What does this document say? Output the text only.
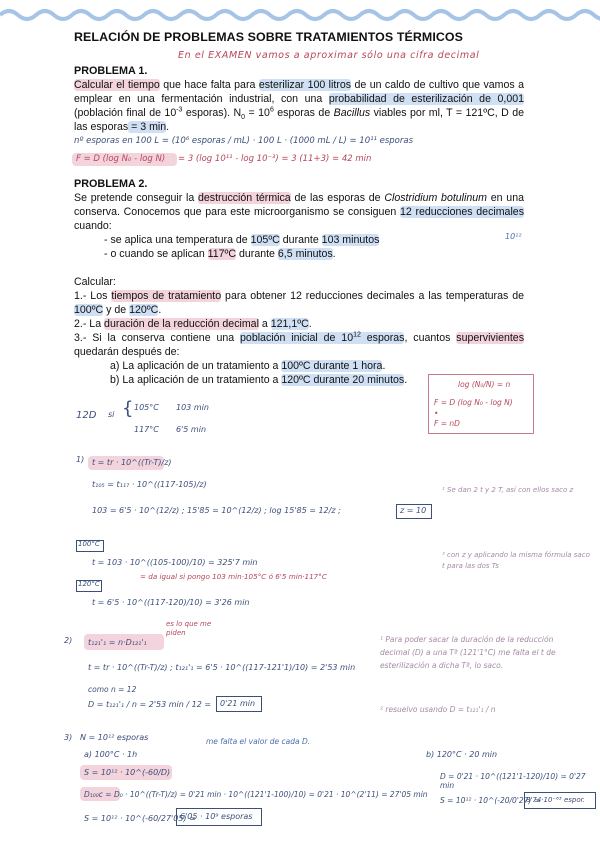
RELACIÓN DE PROBLEMAS SOBRE TRATAMIENTOS TÉRMICOS
En el EXAMEN vamos a aproximar sólo una cifra decimal
PROBLEMA 1.
Calcular el tiempo que hace falta para esterilizar 100 litros de un caldo de cultivo que vamos a emplear en una fermentación industrial, con una probabilidad de esterilización de 0,001 (población final de $10^{-3}$ esporas). $N_0 = 10^6$ esporas de Bacillus viables por ml, T = 121ºC, D de las esporas = 3 min.
nº esporas en 100 L = (10⁶ esporas / mL) · 100 L · (1000 mL / L) = 10¹¹ esporas
F = D (log N₀ - log N) = 3 (log 10¹¹ - log 10⁻³) = 3 (11+3) = 42 min
PROBLEMA 2.
Se pretende conseguir la destrucción térmica de las esporas de Clostridium botulinum en una conserva. Conocemos que para este microorganismo se consiguen 12 reducciones decimales cuando:
- se aplica una temperatura de 105ºC durante 103 minutos
- o cuando se aplican 117ºC durante 6,5 minutos.
Calcular:
1.- Los tiempos de tratamiento para obtener 12 reducciones decimales a las temperaturas de 100ºC y de 120ºC.
2.- La duración de la reducción decimal a 121,1ºC.
3.- Si la conserva contiene una población inicial de $10^{12}$ esporas, cuantos supervivientes quedarán después de:
a) La aplicación de un tratamiento a 100ºC durante 1 hora.
b) La aplicación de un tratamiento a 120ºC durante 20 minutos.
10¹²
log (N₀/N) = n
F = D (log N₀ - log N)
•
F = nD
12D si { 105°C 103 min
117°C 6'5 min
1) t = tr · 10^((Tr-T)/z)
t₁₀₅ = t₁₁₇ · 10^((117-105)/z)
103 = 6'5 · 10^(12/z) ; 15'85 = 10^(12/z) ; log 15'85 = 12/z ;	z = 10
¹ Se dan 2 t y 2 T, así con ellos saco z
100°C
t = 103 · 10^((105-100)/10) = 325'7 min
= da igual si pongo 103 min·105°C ó 6'5 min·117°C
120°C
t = 6'5 · 10^((117-120)/10) = 3'26 min
² con z y aplicando la misma fórmula saco t para las dos Ts
2) t₁₂₁'₁ = n·D₁₂₁'₁
es lo que me piden
t = tr · 10^((Tr-T)/z) ; t₁₂₁'₁ = 6'5 · 10^((117-121'1)/10) = 2'53 min
como n = 12
D = t₁₂₁'₁ / n = 2'53 min / 12 = 0'21 min
¹ Para poder sacar la duración de la reducción decimal (D) a una Tª (121'1°C) me falta el t de esterilización a dicha Tª, lo saco.
² resuelvo usando D = t₁₂₁'₁ / n
3) N = 10¹² esporas
a) 100°C · 1h
me falta el valor de cada D.
S = 10¹² · 10^(-60/D)
D₁₀₀c = D₀ · 10^((Tr-T)/z) = 0'21 min · 10^((121'1-100)/10) = 0'21 · 10^(2'11) = 27'05 min
S = 10¹² · 10^(-60/27'05) =
6'05 · 10⁹ esporas
b) 120°C · 20 min
D = 0'21 · 10^((121'1-120)/10) = 0'27 min
S = 10¹² · 10^(-20/0'27) =
8'74·10⁻⁶³ espor.
